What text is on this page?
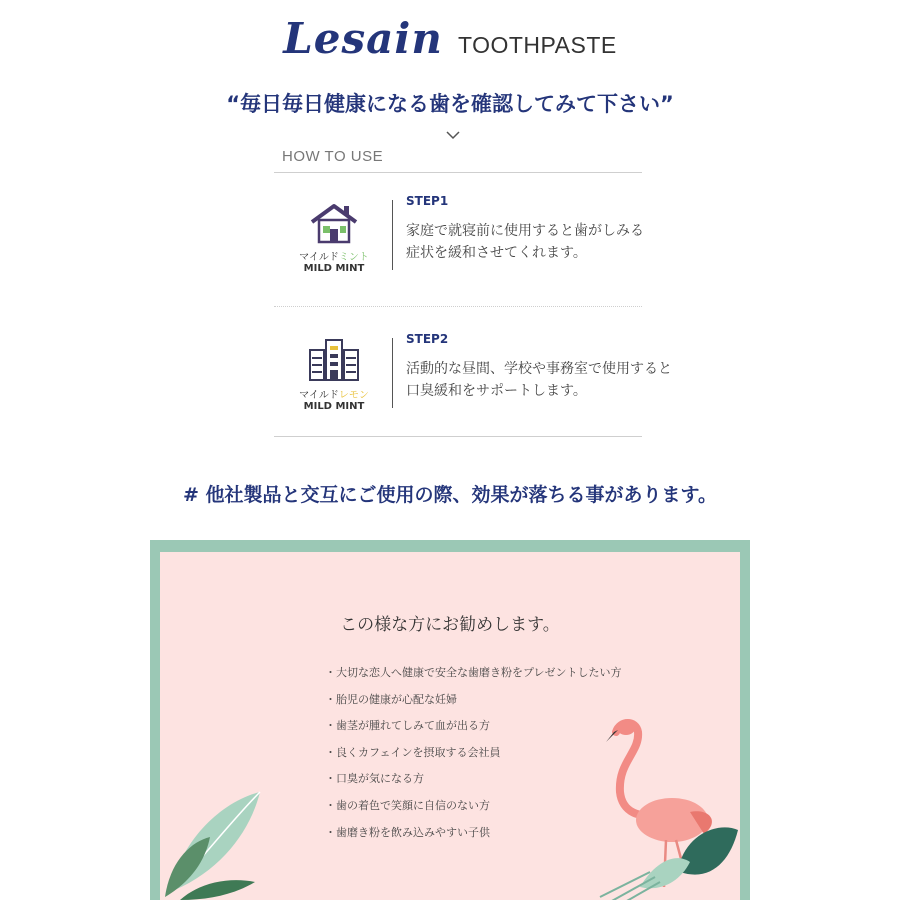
Lesain TOOTHPASTE
“毎日毎日健康になる歯を確認してみて下さい”
HOW TO USE
マイルドミント
MILD MINT
STEP1
家庭で就寝前に使用すると歯がしみる
症状を緩和させてくれます。
マイルドレモン
MILD MINT
STEP2
活動的な昼間、学校や事務室で使用すると
口臭緩和をサポートします。
# 他社製品と交互にご使用の際、効果が落ちる事があります。
この様な方にお勧めします。
・大切な恋人へ健康で安全な歯磨き粉をプレゼントしたい方
・胎児の健康が心配な妊婦
・歯茎が腫れてしみて血が出る方
・良くカフェインを摂取する会社員
・口臭が気になる方
・歯の着色で笑顔に自信のない方
・歯磨き粉を飲み込みやすい子供
